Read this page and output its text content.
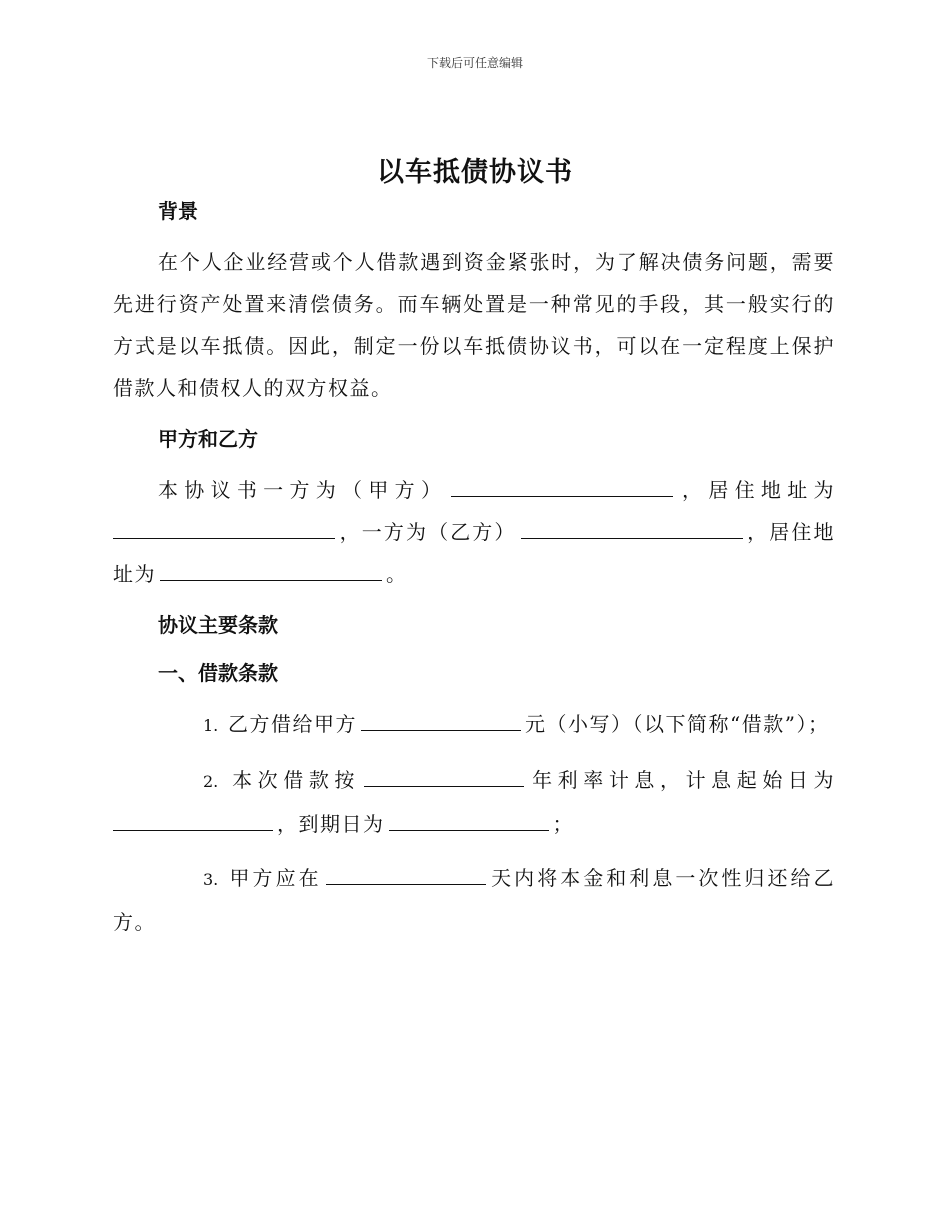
下载后可任意编辑
以车抵债协议书
背景

在个人企业经营或个人借款遇到资金紧张时，为了解决债务问题，需要先进行资产处置来清偿债务。而车辆处置是一种常见的手段，其一般实行的方式是以车抵债。因此，制定一份以车抵债协议书，可以在一定程度上保护借款人和债权人的双方权益。

甲方和乙方

本协议书一方为（甲方）	，居住地址为，一方为（乙方）	，居住地址为	。

协议主要条款
一、借款条款

1. 乙方借给甲方	元（小写）（以下简称“借款”）；

2. 本次借款按	年利率计息，计息起始日为，到期日为	；

3. 甲方应在	天内将本金和利息一次性归还给乙方。
